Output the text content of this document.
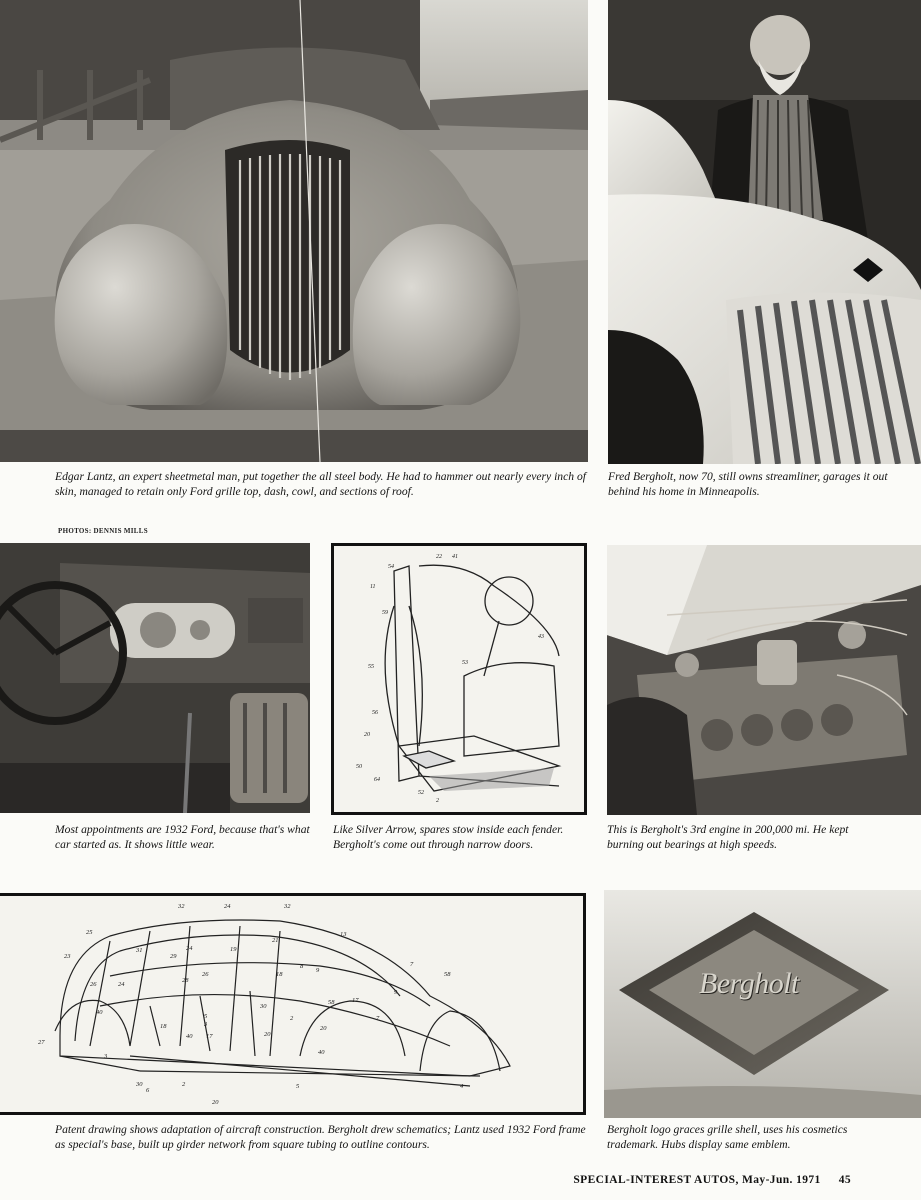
Edgar Lantz, an expert sheetmetal man, put together the all steel body. He had to hammer out nearly every inch of skin, managed to retain only Ford grille top, dash, cowl, and sections of roof.

Fred Bergholt, now 70, still owns streamliner, garages it out behind his home in Minneapolis.

PHOTOS: DENNIS MILLS
22 41
54
11
59
43
55
53
56
20
50
64
52
2

Most appointments are 1932 Ford, because that's what car started as. It shows little wear.

Like Silver Arrow, spares stow inside each fender. Bergholt's come out through narrow doors.

This is Bergholt's 3rd engine in 200,000 mi. He kept burning out bearings at high speeds.

32	24	32
25	13
31
29
24	19
21
23
18
8
28
26	24
26
7
9
58
17
9
58
40
18	3
5
30
2
20
7
40 17	20
27
3
40
5	4
30
6
2
20
Bergholt

Patent drawing shows adaptation of aircraft construction. Bergholt drew schematics; Lantz used 1932 Ford frame as special's base, built up girder network from square tubing to outline contours.

Bergholt logo graces grille shell, uses his cosmetics trademark. Hubs display same emblem.

SPECIAL-INTEREST AUTOS, May-Jun. 1971 45
